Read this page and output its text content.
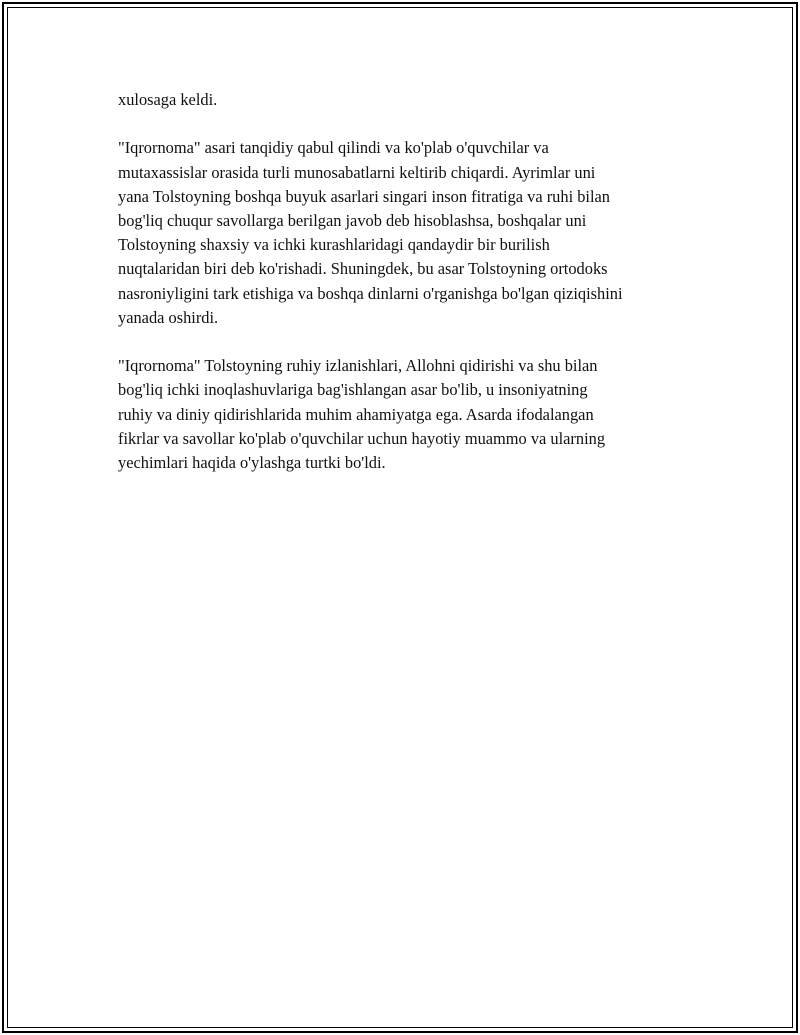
xulosaga keldi.

"Iqrornoma" asari tanqidiy qabul qilindi va ko'plab o'quvchilar va
mutaxassislar orasida turli munosabatlarni keltirib chiqardi. Ayrimlar uni
yana Tolstoyning boshqa buyuk asarlari singari inson fitratiga va ruhi bilan
bog'liq chuqur savollarga berilgan javob deb hisoblashsa, boshqalar uni
Tolstoyning shaxsiy va ichki kurashlaridagi qandaydir bir burilish
nuqtalaridan biri deb ko'rishadi. Shuningdek, bu asar Tolstoyning ortodoks
nasroniyligini tark etishiga va boshqa dinlarni o'rganishga bo'lgan qiziqishini
yanada oshirdi.

"Iqrornoma" Tolstoyning ruhiy izlanishlari, Allohni qidirishi va shu bilan
bog'liq ichki inoqlashuvlariga bag'ishlangan asar bo'lib, u insoniyatning
ruhiy va diniy qidirishlarida muhim ahamiyatga ega. Asarda ifodalangan
fikrlar va savollar ko'plab o'quvchilar uchun hayotiy muammo va ularning
yechimlari haqida o'ylashga turtki bo'ldi.
